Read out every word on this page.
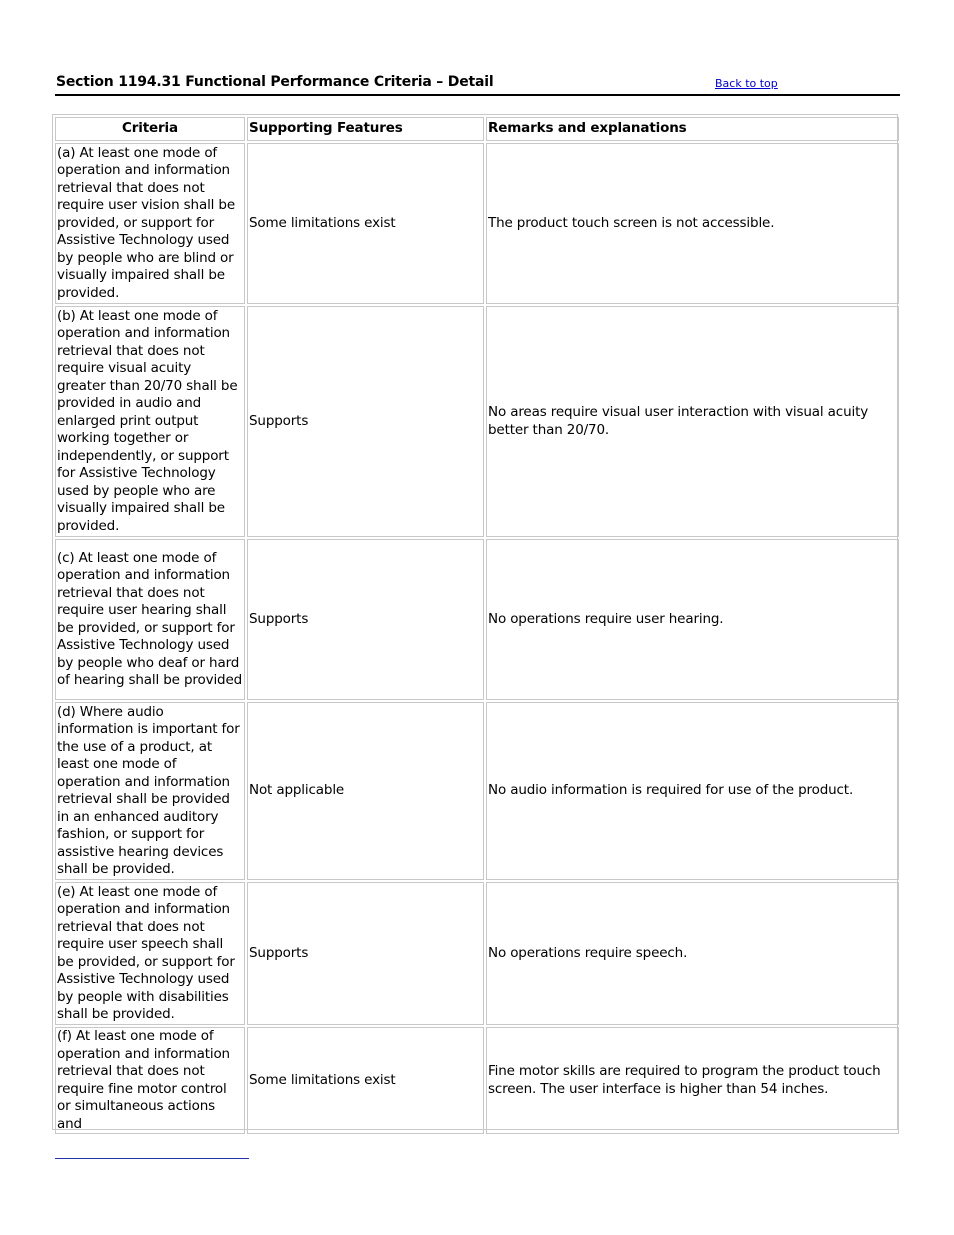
Section 1194.31 Functional Performance Criteria – Detail	Back to top
Criteria	Supporting Features	Remarks and explanations
(a) At least one mode of operation and information retrieval that does not require user vision shall be provided, or support for Assistive Technology used by people who are blind or visually impaired shall be provided.	Some limitations exist	The product touch screen is not accessible.
(b) At least one mode of operation and information retrieval that does not require visual acuity greater than 20/70 shall be provided in audio and enlarged print output working together or independently, or support for Assistive Technology used by people who are visually impaired shall be provided.	Supports	No areas require visual user interaction with visual acuity better than 20/70.
(c) At least one mode of operation and information retrieval that does not require user hearing shall be provided, or support for Assistive Technology used by people who deaf or hard of hearing shall be provided	Supports	No operations require user hearing.
(d) Where audio information is important for the use of a product, at least one mode of operation and information retrieval shall be provided in an enhanced auditory fashion, or support for assistive hearing devices shall be provided.	Not applicable	No audio information is required for use of the product.
(e) At least one mode of operation and information retrieval that does not require user speech shall be provided, or support for Assistive Technology used by people with disabilities shall be provided.	Supports	No operations require speech.
(f) At least one mode of operation and information retrieval that does not require fine motor control or simultaneous actions and	Some limitations exist	Fine motor skills are required to program the product touch screen. The user interface is higher than 54 inches.
